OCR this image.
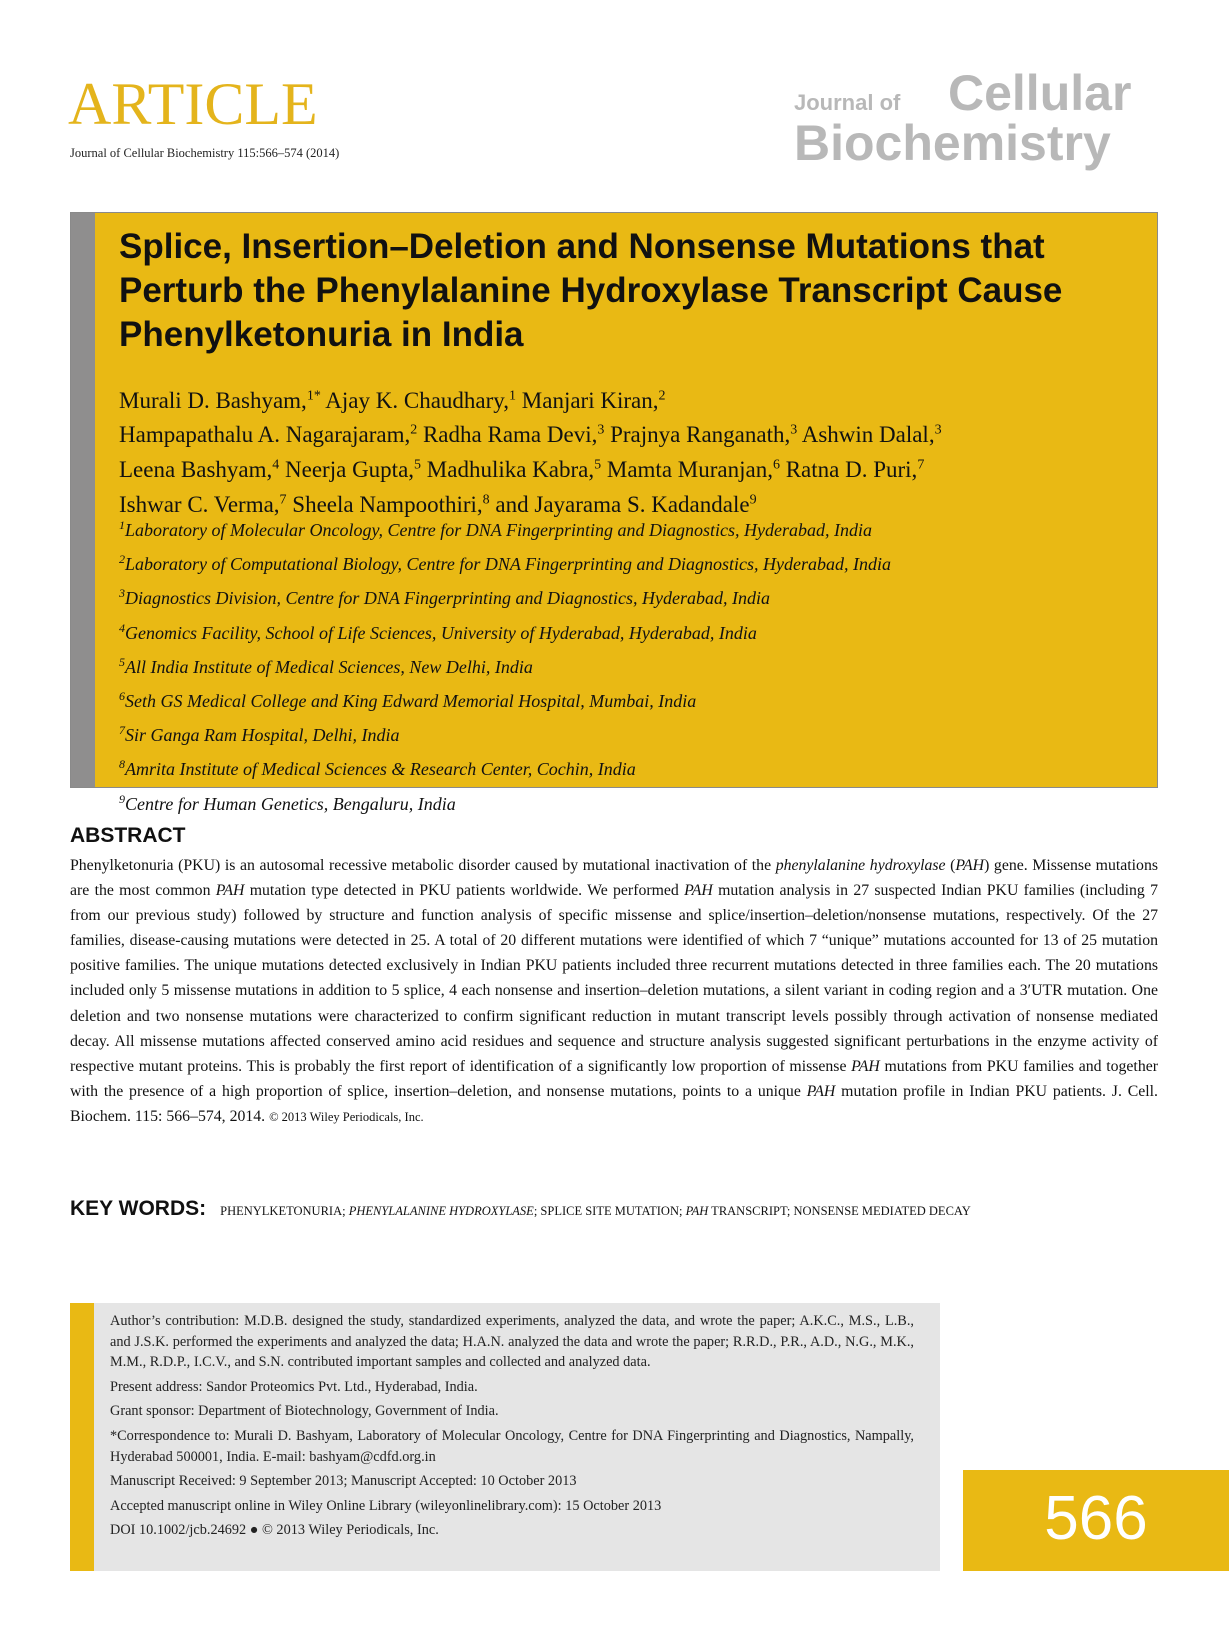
ARTICLE
Journal of Cellular Biochemistry 115:566–574 (2014)
Journal of Cellular
Biochemistry
Splice, Insertion–Deletion and Nonsense Mutations that Perturb the Phenylalanine Hydroxylase Transcript Cause Phenylketonuria in India
Murali D. Bashyam,$^{1*}$ Ajay K. Chaudhary,$^1$ Manjari Kiran,$^2$
Hampapathalu A. Nagarajaram,$^2$ Radha Rama Devi,$^3$ Prajnya Ranganath,$^3$ Ashwin Dalal,$^3$
Leena Bashyam,$^4$ Neerja Gupta,$^5$ Madhulika Kabra,$^5$ Mamta Muranjan,$^6$ Ratna D. Puri,$^7$
Ishwar C. Verma,$^7$ Sheela Nampoothiri,$^8$ and Jayarama S. Kadandale$^9$
$^1$Laboratory of Molecular Oncology, Centre for DNA Fingerprinting and Diagnostics, Hyderabad, India
$^2$Laboratory of Computational Biology, Centre for DNA Fingerprinting and Diagnostics, Hyderabad, India
$^3$Diagnostics Division, Centre for DNA Fingerprinting and Diagnostics, Hyderabad, India
$^4$Genomics Facility, School of Life Sciences, University of Hyderabad, Hyderabad, India
$^5$All India Institute of Medical Sciences, New Delhi, India
$^6$Seth GS Medical College and King Edward Memorial Hospital, Mumbai, India
$^7$Sir Ganga Ram Hospital, Delhi, India
$^8$Amrita Institute of Medical Sciences & Research Center, Cochin, India
$^9$Centre for Human Genetics, Bengaluru, India
ABSTRACT
Phenylketonuria (PKU) is an autosomal recessive metabolic disorder caused by mutational inactivation of the phenylalanine hydroxylase (PAH) gene. Missense mutations are the most common PAH mutation type detected in PKU patients worldwide. We performed PAH mutation analysis in 27 suspected Indian PKU families (including 7 from our previous study) followed by structure and function analysis of specific missense and splice/insertion–deletion/nonsense mutations, respectively. Of the 27 families, disease-causing mutations were detected in 25. A total of 20 different mutations were identified of which 7 “unique” mutations accounted for 13 of 25 mutation positive families. The unique mutations detected exclusively in Indian PKU patients included three recurrent mutations detected in three families each. The 20 mutations included only 5 missense mutations in addition to 5 splice, 4 each nonsense and insertion–deletion mutations, a silent variant in coding region and a 3′UTR mutation. One deletion and two nonsense mutations were characterized to confirm significant reduction in mutant transcript levels possibly through activation of nonsense mediated decay. All missense mutations affected conserved amino acid residues and sequence and structure analysis suggested significant perturbations in the enzyme activity of respective mutant proteins. This is probably the first report of identification of a significantly low proportion of missense PAH mutations from PKU families and together with the presence of a high proportion of splice, insertion–deletion, and nonsense mutations, points to a unique PAH mutation profile in Indian PKU patients. J. Cell. Biochem. 115: 566–574, 2014. © 2013 Wiley Periodicals, Inc.
KEY WORDS: PHENYLKETONURIA; PHENYLALANINE HYDROXYLASE; SPLICE SITE MUTATION; PAH TRANSCRIPT; NONSENSE MEDIATED DECAY

Author’s contribution: M.D.B. designed the study, standardized experiments, analyzed the data, and wrote the paper; A.K.C., M.S., L.B., and J.S.K. performed the experiments and analyzed the data; H.A.N. analyzed the data and wrote the paper; R.R.D., P.R., A.D., N.G., M.K., M.M., R.D.P., I.C.V., and S.N. contributed important samples and collected and analyzed data.

Present address: Sandor Proteomics Pvt. Ltd., Hyderabad, India.

Grant sponsor: Department of Biotechnology, Government of India.

*Correspondence to: Murali D. Bashyam, Laboratory of Molecular Oncology, Centre for DNA Fingerprinting and Diagnostics, Nampally, Hyderabad 500001, India. E-mail: bashyam@cdfd.org.in

Manuscript Received: 9 September 2013; Manuscript Accepted: 10 October 2013

Accepted manuscript online in Wiley Online Library (wileyonlinelibrary.com): 15 October 2013

DOI 10.1002/jcb.24692 ● © 2013 Wiley Periodicals, Inc.	566
